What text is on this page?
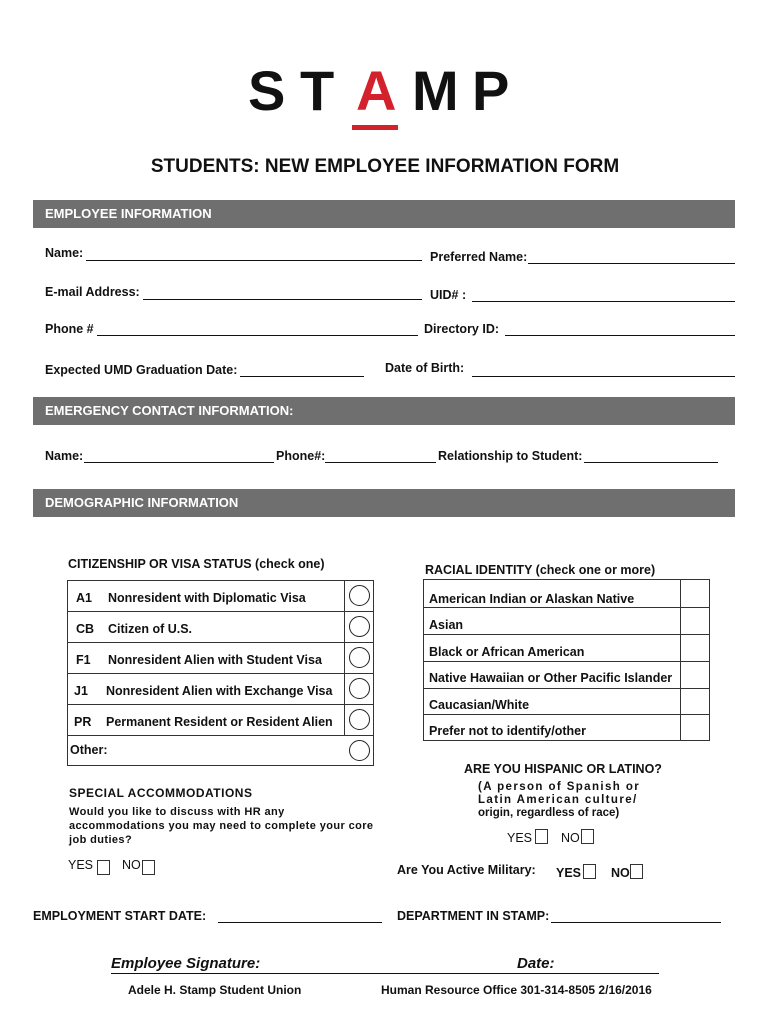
S T A M P
STUDENTS: NEW EMPLOYEE INFORMATION FORM
EMPLOYEE INFORMATION
Name:	Preferred Name:
E-mail Address:	UID# :
Phone #	Directory ID:
Expected UMD Graduation Date:	Date of Birth:
EMERGENCY CONTACT INFORMATION:
Name:	Phone#:	Relationship to Student:
DEMOGRAPHIC INFORMATION
CITIZENSHIP OR VISA STATUS (check one)
A1 Nonresident with Diplomatic Visa
CB Citizen of U.S.
F1 Nonresident Alien with Student Visa
J1 Nonresident Alien with Exchange Visa
PR Permanent Resident or Resident Alien
Other:
RACIAL IDENTITY (check one or more)
American Indian or Alaskan Native
Asian
Black or African American
Native Hawaiian or Other Pacific Islander
Caucasian/White
Prefer not to identify/other
ARE YOU HISPANIC OR LATINO?
(A person of Spanish or
Latin American culture/
origin, regardless of race)
YES NO
SPECIAL ACCOMMODATIONS
Would you like to discuss with HR any
accommodations you may need to complete your core
job duties?
YES NO	Are You Active Military: YES NO
EMPLOYMENT START DATE:	DEPARTMENT IN STAMP:
Employee Signature:	Date:
Adele H. Stamp Student Union	Human Resource Office 301-314-8505 2/16/2016
